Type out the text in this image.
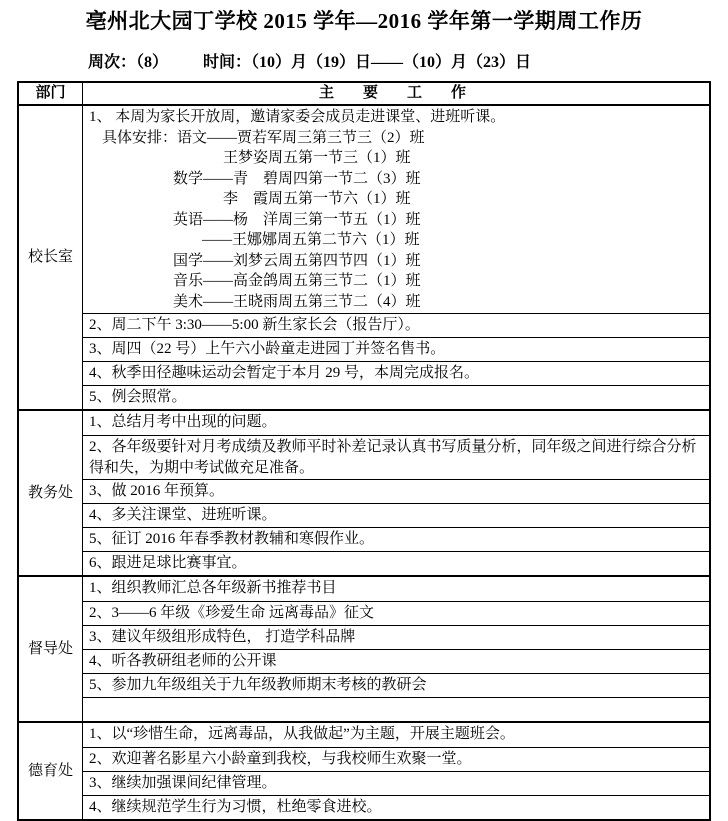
亳州北大园丁学校 2015 学年—2016 学年第一学期周工作历
周次：（8） 时间：（10）月（19）日——（10）月（23）日
部门	主　要　工　作
校长室
1、 本周为家长开放周，邀请家委会成员走进课堂、进班听课。
具体安排：语文——贾若军周三第三节三（2）班
王梦姿周五第一节三（1）班
数学——青　碧周四第一节二（3）班
李　霞周五第一节六（1）班
英语——杨　洋周三第一节五（1）班
——王娜娜周五第二节六（1）班
国学——刘梦云周五第四节四（1）班
音乐——高金鸽周五第三节二（1）班
美术——王晓雨周五第三节二（4）班
2、周二下午 3:30——5:00 新生家长会（报告厅）。
3、周四（22 号）上午六小龄童走进园丁并签名售书。
4、秋季田径趣味运动会暂定于本月 29 号，本周完成报名。
5、例会照常。
教务处
1、总结月考中出现的问题。
2、各年级要针对月考成绩及教师平时补差记录认真书写质量分析，同年级之间进行综合分析得和失，为期中考试做充足准备。
3、做 2016 年预算。
4、多关注课堂、进班听课。
5、征订 2016 年春季教材教辅和寒假作业。
6、跟进足球比赛事宜。
督导处
1、组织教师汇总各年级新书推荐书目
2、3——6 年级《珍爱生命 远离毒品》征文
3、建议年级组形成特色， 打造学科品牌
4、听各教研组老师的公开课
5、参加九年级组关于九年级教师期末考核的教研会
德育处
1、以“珍惜生命，远离毒品，从我做起”为主题，开展主题班会。
2、欢迎著名影星六小龄童到我校，与我校师生欢聚一堂。
3、继续加强课间纪律管理。
4、继续规范学生行为习惯，杜绝零食进校。
